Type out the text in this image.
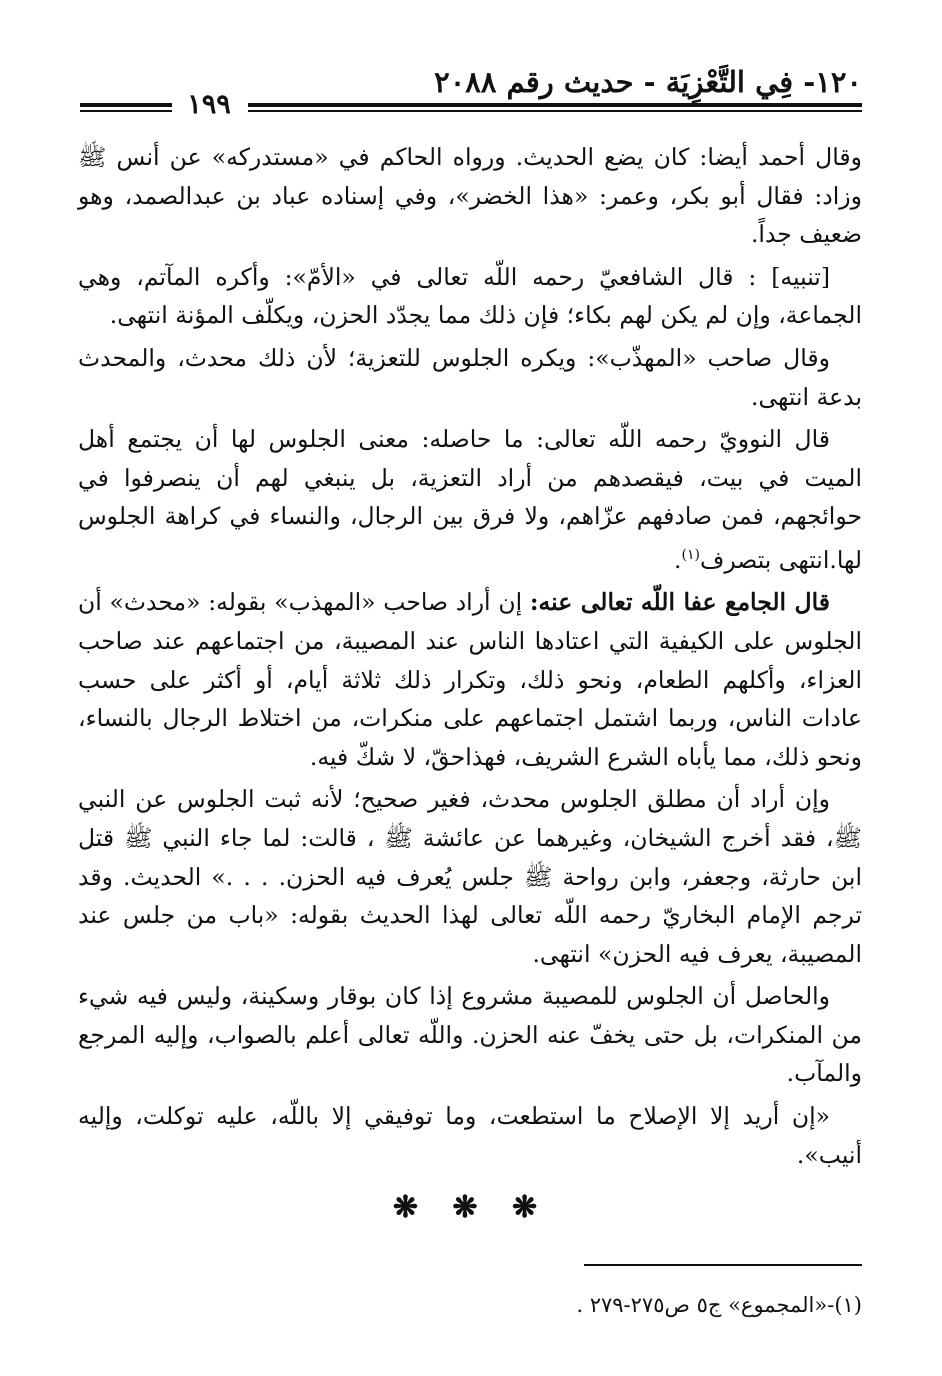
١٢٠- فِي التَّعْزِيَة - حديث رقم ٢٠٨٨
١٩٩

وقال أحمد أيضا: كان يضع الحديث. ورواه الحاكم في «مستدركه» عن أنس ﷺ وزاد: فقال أبو بكر، وعمر: «هذا الخضر»، وفي إسناده عباد بن عبدالصمد، وهو ضعيف جداً.

[تنبيه] : قال الشافعيّ رحمه اللّه تعالى في «الأمّ»: وأكره المآتم، وهي الجماعة، وإن لم يكن لهم بكاء؛ فإن ذلك مما يجدّد الحزن، ويكلّف المؤنة انتهى.

وقال صاحب «المهذّب»: ويكره الجلوس للتعزية؛ لأن ذلك محدث، والمحدث بدعة انتهى.

قال النوويّ رحمه اللّه تعالى: ما حاصله: معنى الجلوس لها أن يجتمع أهل الميت في بيت، فيقصدهم من أراد التعزية، بل ينبغي لهم أن ينصرفوا في حوائجهم، فمن صادفهم عزّاهم، ولا فرق بين الرجال، والنساء في كراهة الجلوس لها.انتهى بتصرف$^{(١)}$.

قال الجامع عفا اللّه تعالى عنه: إن أراد صاحب «المهذب» بقوله: «محدث» أن الجلوس على الكيفية التي اعتادها الناس عند المصيبة، من اجتماعهم عند صاحب العزاء، وأكلهم الطعام، ونحو ذلك، وتكرار ذلك ثلاثة أيام، أو أكثر على حسب عادات الناس، وربما اشتمل اجتماعهم على منكرات، من اختلاط الرجال بالنساء، ونحو ذلك، مما يأباه الشرع الشريف، فهذاحقّ، لا شكّ فيه.

وإن أراد أن مطلق الجلوس محدث، فغير صحيح؛ لأنه ثبت الجلوس عن النبي ﷺ، فقد أخرج الشيخان، وغيرهما عن عائشة ﷺ ، قالت: لما جاء النبي ﷺ قتل ابن حارثة، وجعفر، وابن رواحة ﷺ جلس يُعرف فيه الحزن. . . .» الحديث. وقد ترجم الإمام البخاريّ رحمه اللّه تعالى لهذا الحديث بقوله: «باب من جلس عند المصيبة، يعرف فيه الحزن» انتهى.

والحاصل أن الجلوس للمصيبة مشروع إذا كان بوقار وسكينة، وليس فيه شيء من المنكرات، بل حتى يخفّ عنه الحزن. واللّه تعالى أعلم بالصواب، وإليه المرجع والمآب.

«إن أريد إلا الإصلاح ما استطعت، وما توفيقي إلا باللّه، عليه توكلت، وإليه أنيب».

❋ ❋ ❋
(١)-«المجموع» ج٥ ص٢٧٥-٢٧٩ .
